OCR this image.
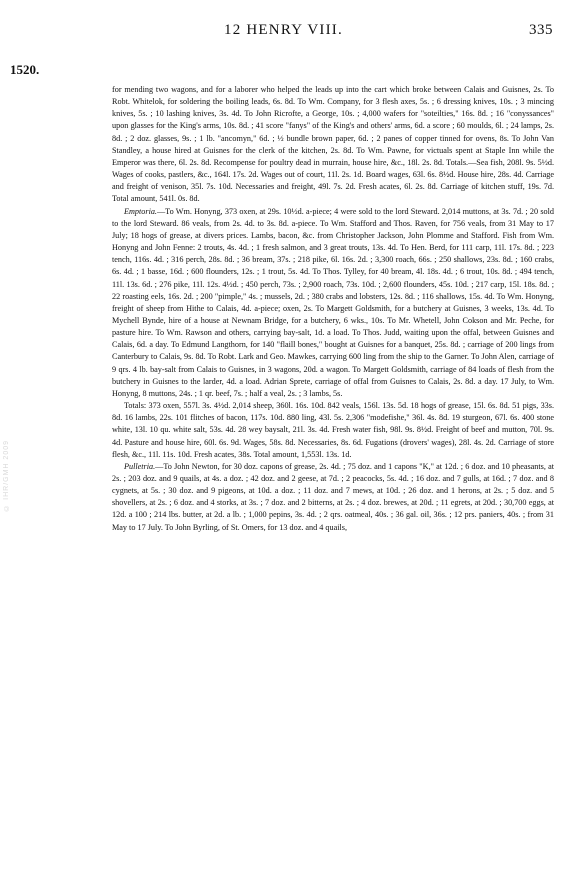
12 HENRY VIII.	335
1520.

for mending two wagons, and for a laborer who helped the leads up into the cart which broke between Calais and Guisnes, 2s. To Robt. Whitelok, for soldering the boiling leads, 6s. 8d. To Wm. Company, for 3 flesh axes, 5s. ; 6 dressing knives, 10s. ; 3 mincing knives, 5s. ; 10 lashing knives, 3s. 4d. To John Ricrofte, a George, 10s. ; 4,000 wafers for "soteilties," 16s. 8d. ; 16 "conyssances" upon glasses for the King's arms, 10s. 8d. ; 41 score "fanys" of the King's and others' arms, 6d. a score ; 60 moulds, 6l. ; 24 lamps, 2s. 8d. ; 2 doz. glasses, 9s. ; 1 lb. "ancomyn," 6d. ; ½ bundle brown paper, 6d. ; 2 panes of copper tinned for ovens, 8s. To John Van Standley, a house hired at Guisnes for the clerk of the kitchen, 2s. 8d. To Wm. Pawne, for victuals spent at Staple Inn while the Emperor was there, 6l. 2s. 8d. Recompense for poultry dead in murrain, house hire, &c., 18l. 2s. 8d. Totals.—Sea fish, 208l. 9s. 5½d. Wages of cooks, pastlers, &c., 164l. 17s. 2d. Wages out of court, 11l. 2s. 1d. Board wages, 63l. 6s. 8½d. House hire, 28s. 4d. Carriage and freight of venison, 35l. 7s. 10d. Necessaries and freight, 49l. 7s. 2d. Fresh acates, 6l. 2s. 8d. Carriage of kitchen stuff, 19s. 7d. Total amount, 541l. 0s. 8d.

Emptoria.—To Wm. Honyng, 373 oxen, at 29s. 10½d. a-piece; 4 were sold to the lord Steward. 2,014 muttons, at 3s. 7d. ; 20 sold to the lord Steward. 86 veals, from 2s. 4d. to 3s. 8d. a-piece. To Wm. Stafford and Thos. Raven, for 756 veals, from 31 May to 17 July; 18 hogs of grease, at divers prices. Lambs, bacon, &c. from Christopher Jackson, John Plomme and Stafford. Fish from Wm. Honyng and John Fenne: 2 trouts, 4s. 4d. ; 1 fresh salmon, and 3 great trouts, 13s. 4d. To Hen. Berd, for 111 carp, 11l. 17s. 8d. ; 223 tench, 116s. 4d. ; 316 perch, 28s. 8d. ; 36 bream, 37s. ; 218 pike, 6l. 16s. 2d. ; 3,300 roach, 66s. ; 250 shallows, 23s. 8d. ; 160 crabs, 6s. 4d. ; 1 basse, 16d. ; 600 flounders, 12s. ; 1 trout, 5s. 4d. To Thos. Tylley, for 40 bream, 4l. 18s. 4d. ; 6 trout, 10s. 8d. ; 494 tench, 11l. 13s. 6d. ; 276 pike, 11l. 12s. 4½d. ; 450 perch, 73s. ; 2,900 roach, 73s. 10d. ; 2,600 flounders, 45s. 10d. ; 217 carp, 15l. 18s. 8d. ; 22 roasting eels, 16s. 2d. ; 200 "pimple," 4s. ; mussels, 2d. ; 380 crabs and lobsters, 12s. 8d. ; 116 shallows, 15s. 4d. To Wm. Honyng, freight of sheep from Hithe to Calais, 4d. a-piece; oxen, 2s. To Margett Goldsmith, for a butchery at Guisnes, 3 weeks, 13s. 4d. To Mychell Bynde, hire of a house at Newnam Bridge, for a butchery, 6 wks., 10s. To Mr. Whetell, John Cokson and Mr. Peche, for pasture hire. To Wm. Rawson and others, carrying bay-salt, 1d. a load. To Thos. Judd, waiting upon the offal, between Guisnes and Calais, 6d. a day. To Edmund Langthorn, for 140 "flaill bones," bought at Guisnes for a banquet, 25s. 8d. ; carriage of 200 lings from Canterbury to Calais, 9s. 8d. To Robt. Lark and Geo. Mawkes, carrying 600 ling from the ship to the Garner. To John Alen, carriage of 9 qrs. 4 lb. bay-salt from Calais to Guisnes, in 3 wagons, 20d. a wagon. To Margett Goldsmith, carriage of 84 loads of flesh from the butchery in Guisnes to the larder, 4d. a load. Adrian Sprete, carriage of offal from Guisnes to Calais, 2s. 8d. a day. 17 July, to Wm. Honyng, 8 muttons, 24s. ; 1 qr. beef, 7s. ; half a veal, 2s. ; 3 lambs, 5s.

Totals: 373 oxen, 557l. 3s. 4½d. 2,014 sheep, 360l. 16s. 10d. 842 veals, 156l. 13s. 5d. 18 hogs of grease, 15l. 6s. 8d. 51 pigs, 33s. 8d. 16 lambs, 22s. 101 flitches of bacon, 117s. 10d. 880 ling, 43l. 5s. 2,306 "modefishe," 36l. 4s. 8d. 19 sturgeon, 67l. 6s. 400 stone white, 13l. 10 qu. white salt, 53s. 4d. 28 wey baysalt, 21l. 3s. 4d. Fresh water fish, 98l. 9s. 8½d. Freight of beef and mutton, 70l. 9s. 4d. Pasture and house hire, 60l. 6s. 9d. Wages, 58s. 8d. Necessaries, 8s. 6d. Fugations (drovers' wages), 28l. 4s. 2d. Carriage of store flesh, &c., 11l. 11s. 10d. Fresh acates, 38s. Total amount, 1,553l. 13s. 1d.

Pulletria.—To John Newton, for 30 doz. capons of grease, 2s. 4d. ; 75 doz. and 1 capons "K," at 12d. ; 6 doz. and 10 pheasants, at 2s. ; 203 doz. and 9 quails, at 4s. a doz. ; 42 doz. and 2 geese, at 7d. ; 2 peacocks, 5s. 4d. ; 16 doz. and 7 gulls, at 16d. ; 7 doz. and 8 cygnets, at 5s. ; 30 doz. and 9 pigeons, at 10d. a doz. ; 11 doz. and 7 mews, at 10d. ; 26 doz. and 1 herons, at 2s. ; 5 doz. and 5 shovellers, at 2s. ; 6 doz. and 4 storks, at 3s. ; 7 doz. and 2 bitterns, at 2s. ; 4 doz. brewes, at 20d. ; 11 egrets, at 20d. ; 30,700 eggs, at 12d. a 100 ; 214 lbs. butter, at 2d. a lb. ; 1,000 pepins, 3s. 4d. ; 2 qrs. oatmeal, 40s. ; 36 gal. oil, 36s. ; 12 prs. paniers, 40s. ; from 31 May to 17 July. To John Byrling, of St. Omers, for 13 doz. and 4 quails,

© IHR/GMH 2009
